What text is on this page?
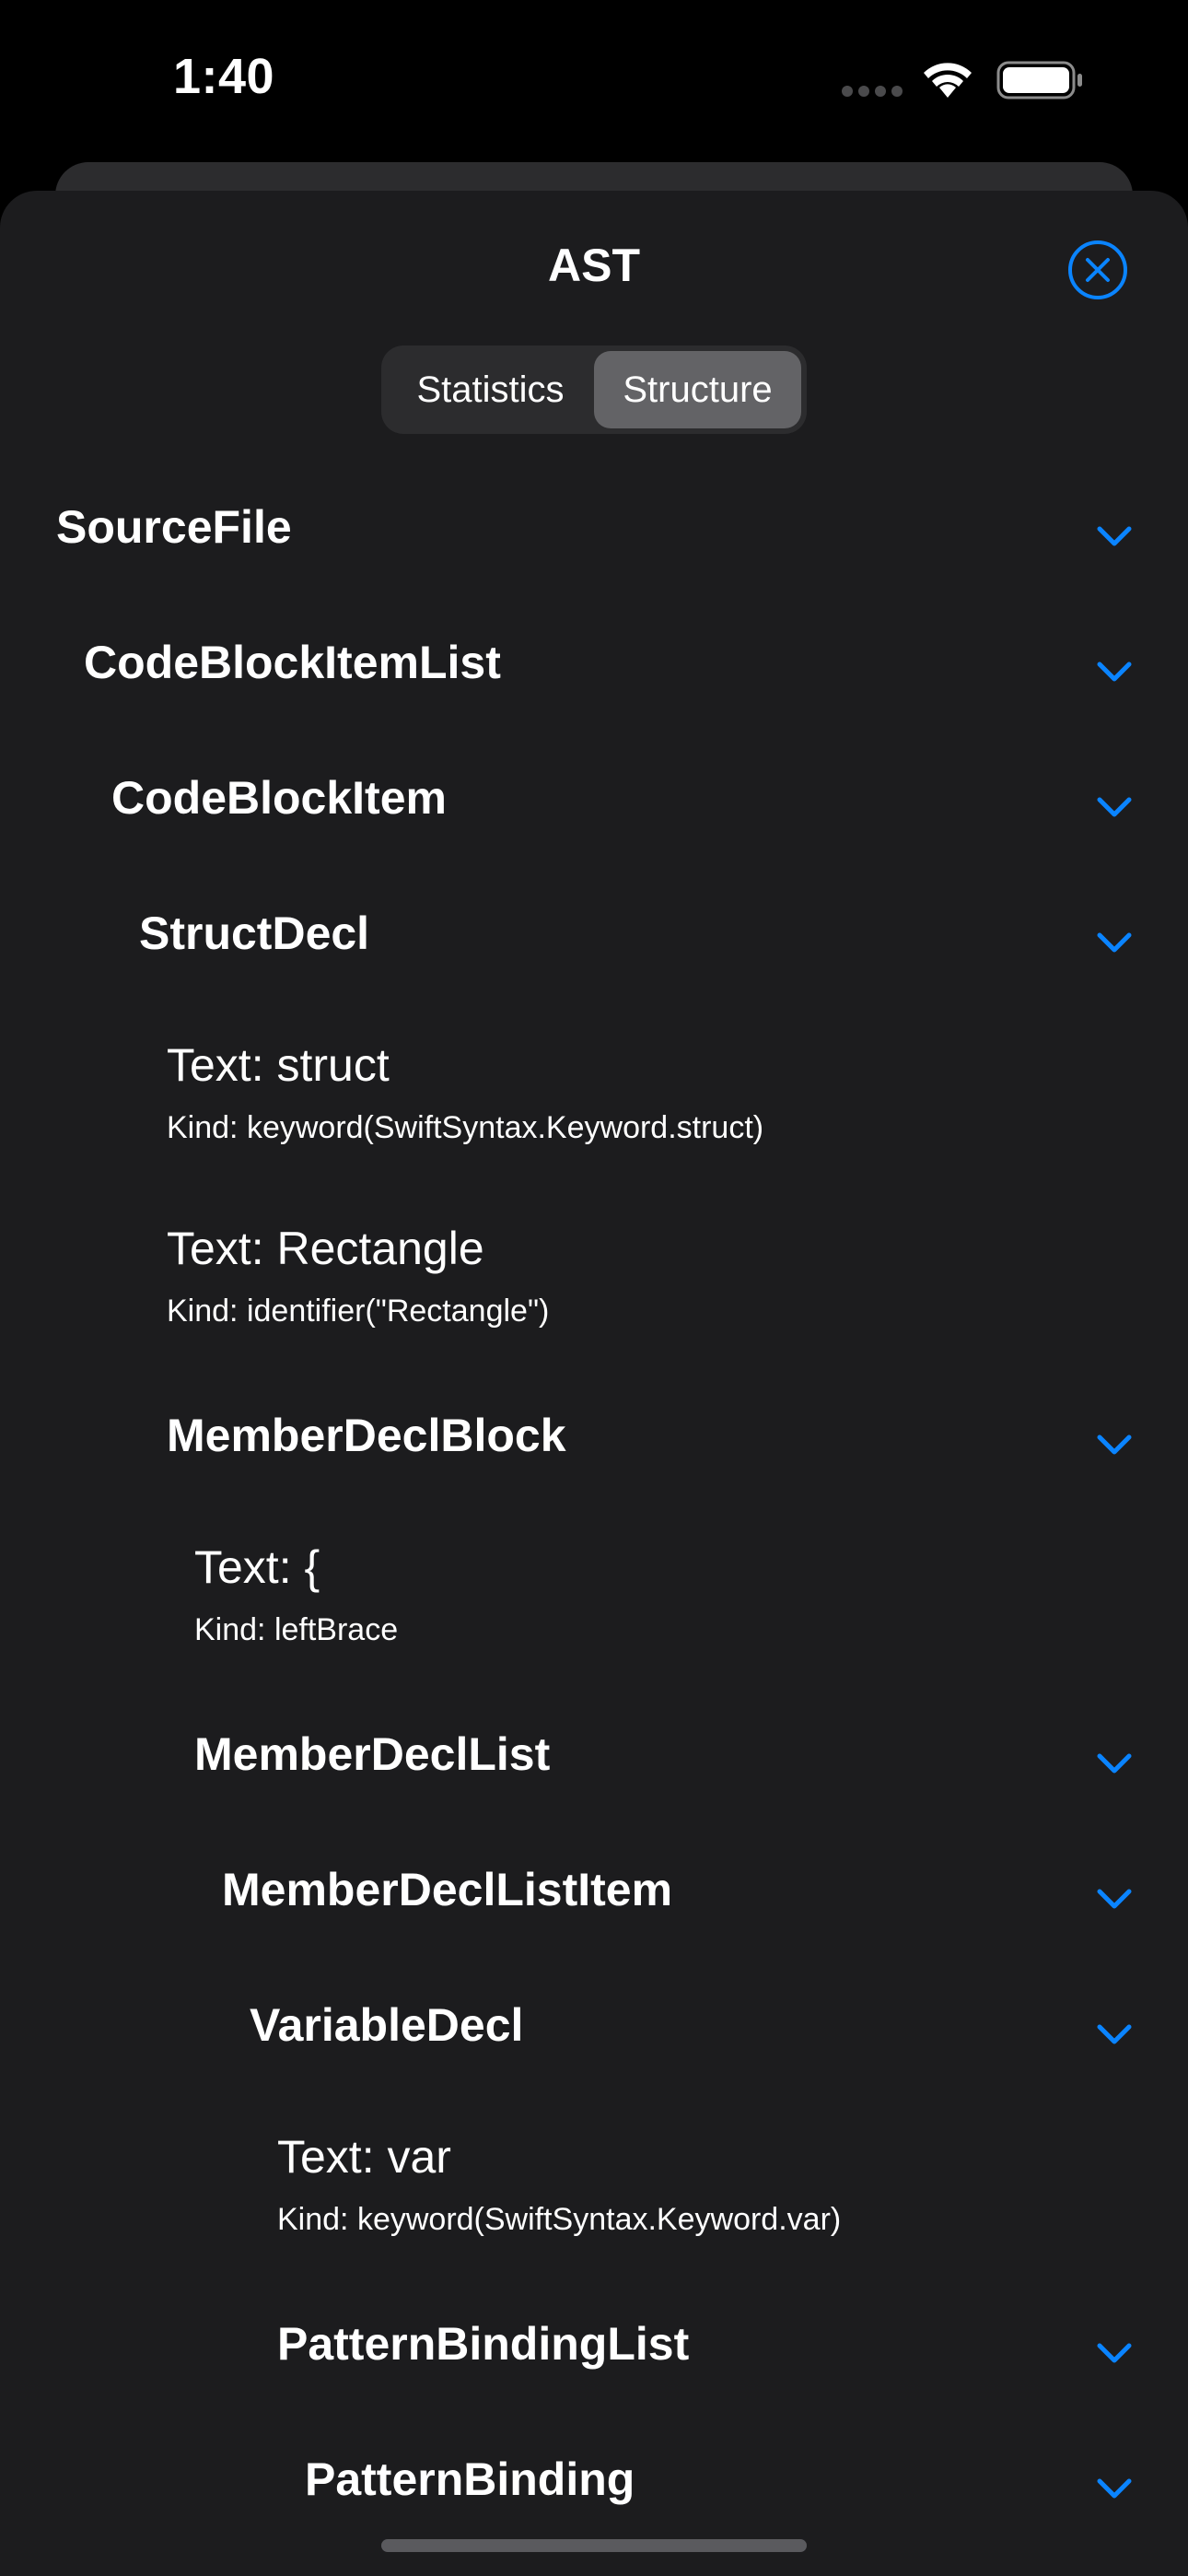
1:40
AST
Statistics	Structure
SourceFile
CodeBlockItemList
CodeBlockItem
StructDecl
Text: struct
Kind: keyword(SwiftSyntax.Keyword.struct)
Text: Rectangle
Kind: identifier("Rectangle")
MemberDeclBlock
Text: {
Kind: leftBrace
MemberDeclList
MemberDeclListItem
VariableDecl
Text: var
Kind: keyword(SwiftSyntax.Keyword.var)
PatternBindingList
PatternBinding
